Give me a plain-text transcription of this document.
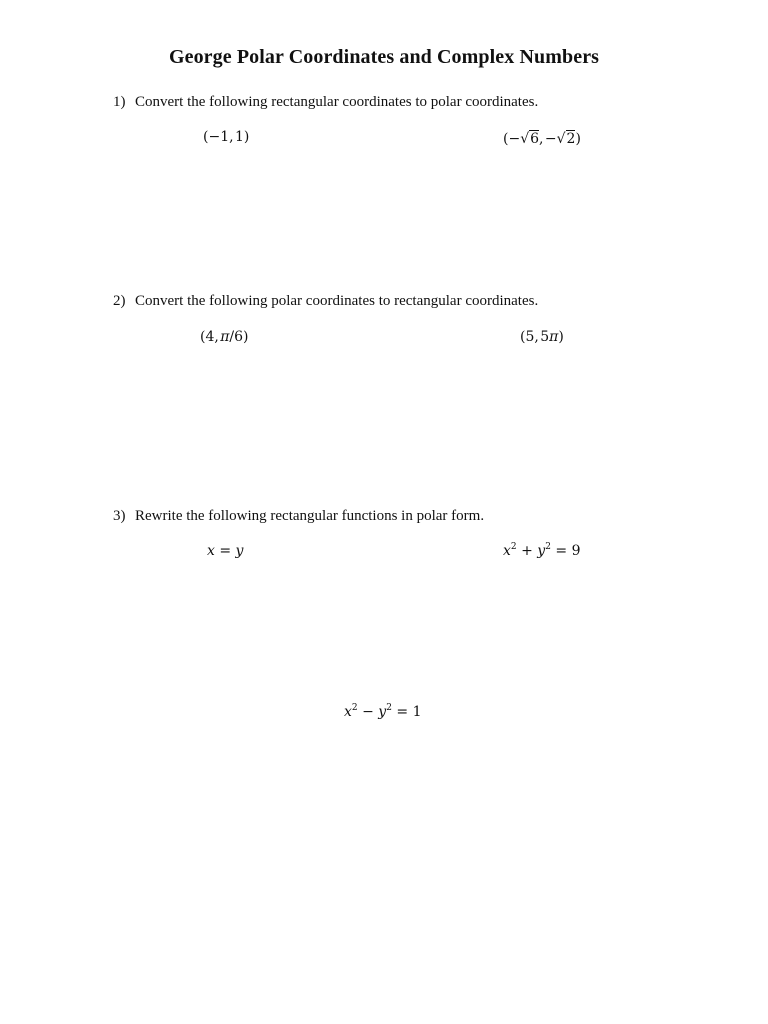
George Polar Coordinates and Complex Numbers
1) Convert the following rectangular coordinates to polar coordinates.
(−1, 1)	(−√6, −√2)
2) Convert the following polar coordinates to rectangular coordinates.
(4, π/6)	(5, 5π)
3) Rewrite the following rectangular functions in polar form.
x = y	$x^2 + y^2 = 9$
$x^2 - y^2 = 1$
